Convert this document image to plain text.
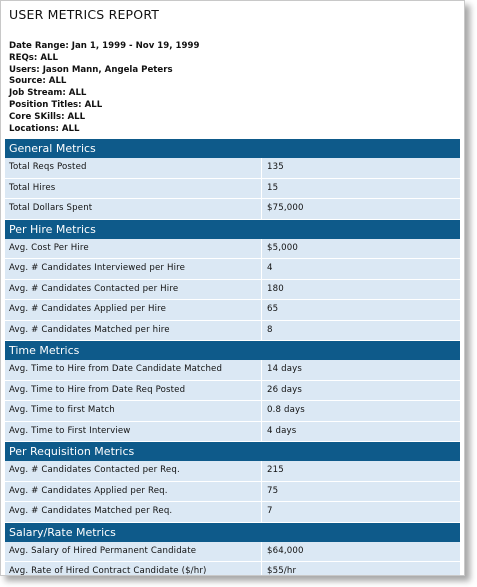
USER METRICS REPORT
Date Range: Jan 1, 1999 - Nov 19, 1999
REQs: ALL
Users: Jason Mann, Angela Peters
Source: ALL
Job Stream: ALL
Position Titles: ALL
Core SKills: ALL
Locations: ALL
General Metrics
Total Reqs Posted	135
Total Hires	15
Total Dollars Spent	$75,000
Per Hire Metrics
Avg. Cost Per Hire	$5,000
Avg. # Candidates Interviewed per Hire	4
Avg. # Candidates Contacted per Hire	180
Avg. # Candidates Applied per Hire	65
Avg. # Candidates Matched per hire	8
Time Metrics
Avg. Time to Hire from Date Candidate Matched	14 days
Avg. Time to Hire from Date Req Posted	26 days
Avg. Time to first Match	0.8 days
Avg. Time to First Interview	4 days
Per Requisition Metrics
Avg. # Candidates Contacted per Req.	215
Avg. # Candidates Applied per Req.	75
Avg. # Candidates Matched per Req.	7
Salary/Rate Metrics
Avg. Salary of Hired Permanent Candidate	$64,000
Avg. Rate of Hired Contract Candidate ($/hr)	$55/hr
